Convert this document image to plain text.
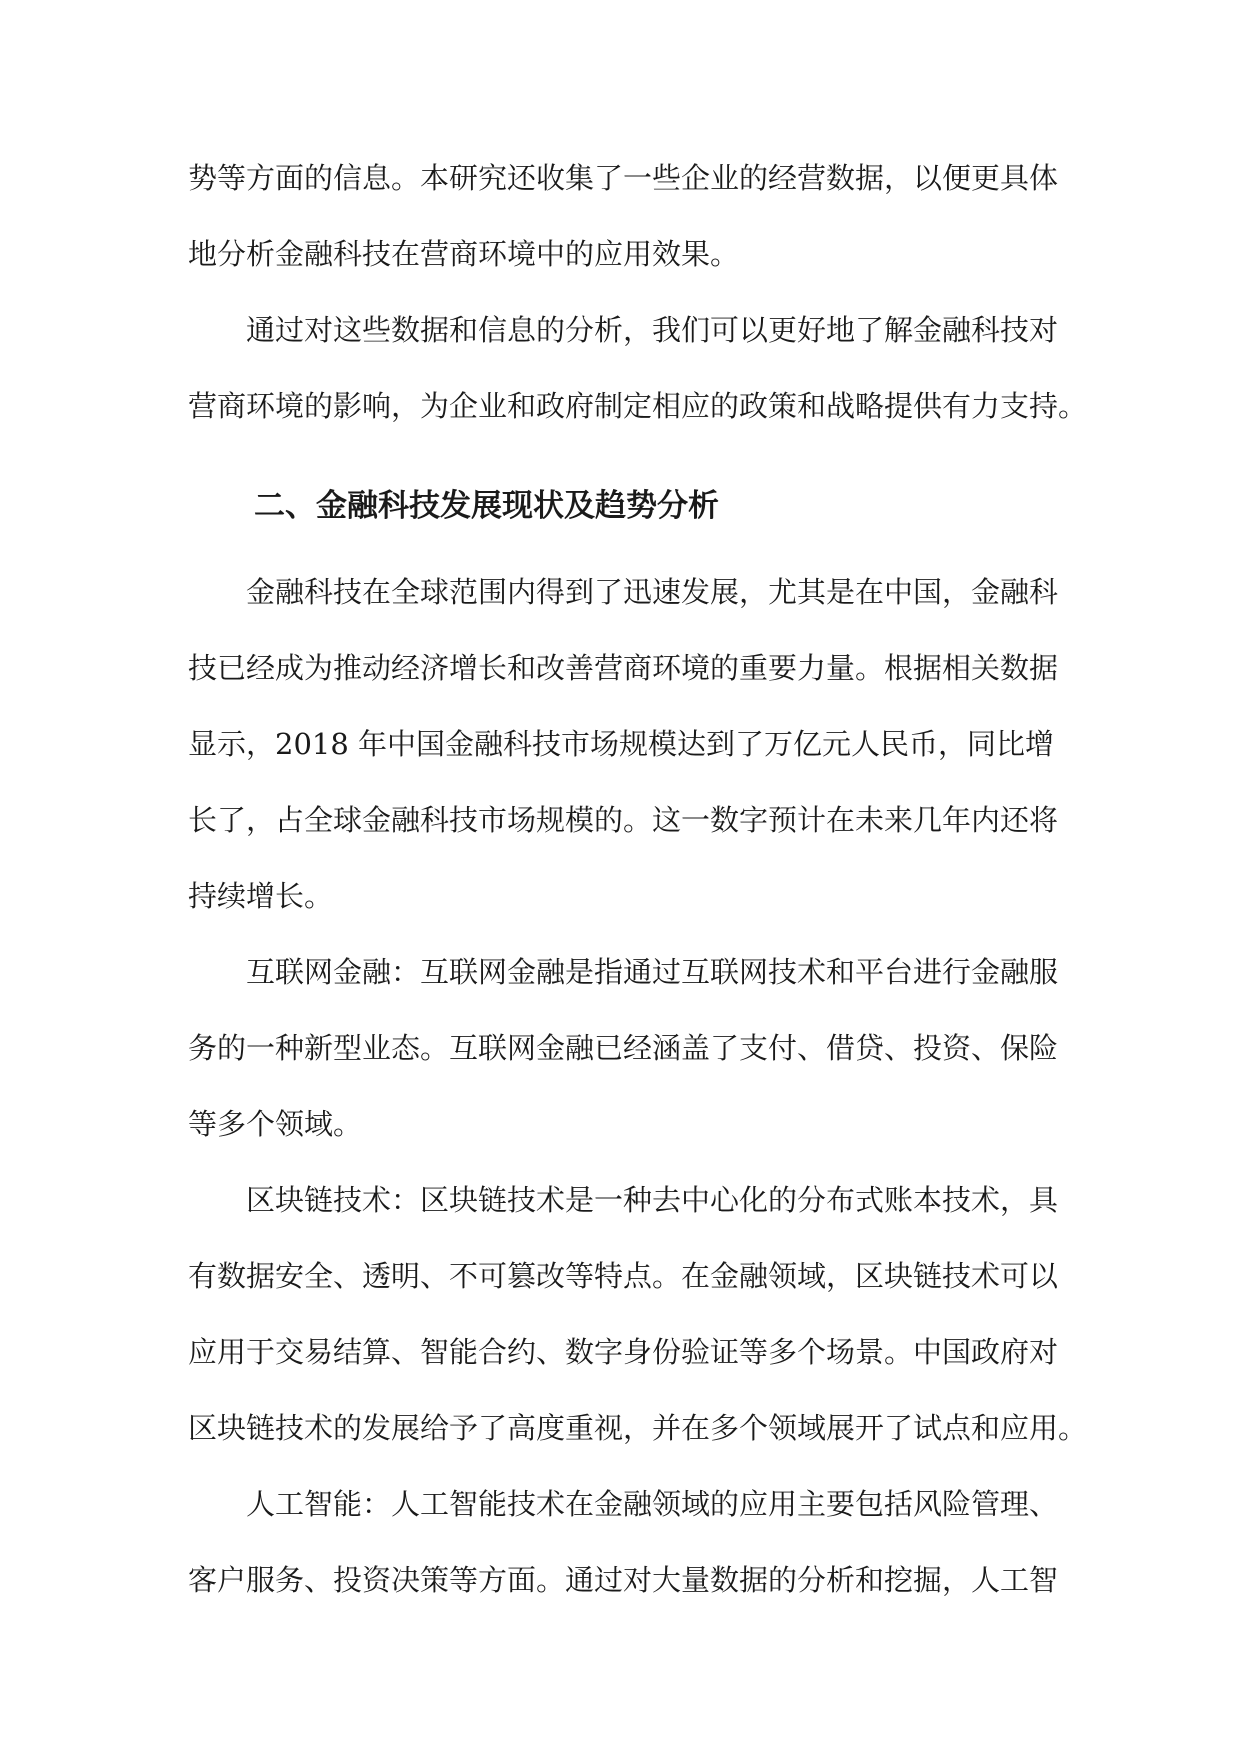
势等方面的信息。本研究还收集了一些企业的经营数据，以便更具体
地分析金融科技在营商环境中的应用效果。
通过对这些数据和信息的分析，我们可以更好地了解金融科技对
营商环境的影响，为企业和政府制定相应的政策和战略提供有力支持。
二、金融科技发展现状及趋势分析
金融科技在全球范围内得到了迅速发展，尤其是在中国，金融科
技已经成为推动经济增长和改善营商环境的重要力量。根据相关数据
显示，2018 年中国金融科技市场规模达到了万亿元人民币，同比增
长了，占全球金融科技市场规模的。这一数字预计在未来几年内还将
持续增长。
互联网金融：互联网金融是指通过互联网技术和平台进行金融服
务的一种新型业态。互联网金融已经涵盖了支付、借贷、投资、保险
等多个领域。
区块链技术：区块链技术是一种去中心化的分布式账本技术，具
有数据安全、透明、不可篡改等特点。在金融领域，区块链技术可以
应用于交易结算、智能合约、数字身份验证等多个场景。中国政府对
区块链技术的发展给予了高度重视，并在多个领域展开了试点和应用。
人工智能：人工智能技术在金融领域的应用主要包括风险管理、
客户服务、投资决策等方面。通过对大量数据的分析和挖掘，人工智
